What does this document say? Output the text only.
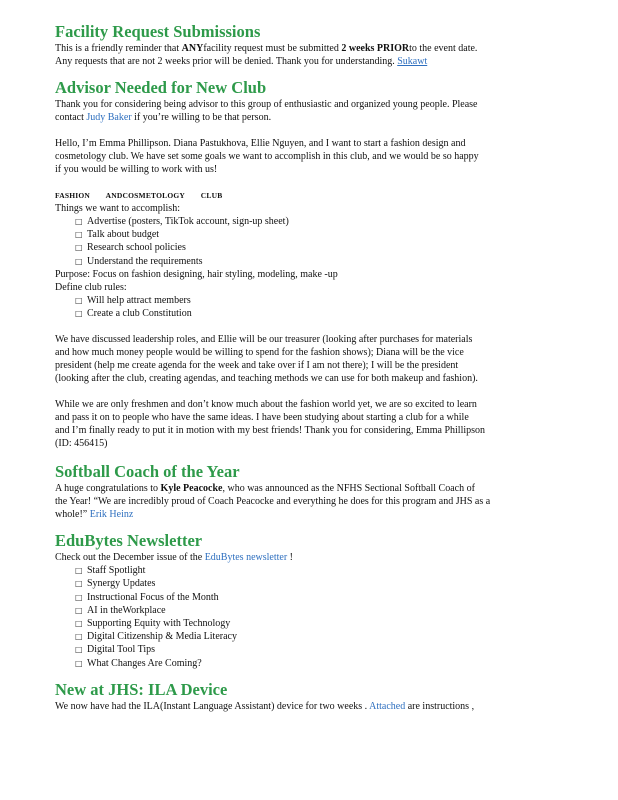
Facility Request Submissions

This is a friendly reminder that ANYfacility request must be submitted 2 weeks PRIORto the event date.

Any requests that are not 2 weeks prior will be denied. Thank you for understanding. Sukawt

Advisor Needed for New Club

Thank you for considering being advisor to this group of enthusiastic and organized young people. Please

contact Judy Baker if you’re willing to be that person.

Hello, I’m Emma Phillipson. Diana Pastukhova, Ellie Nguyen, and I want to start a fashion design and

cosmetology club. We have set some goals we want to accomplish in this club, and we would be so happy

if you would be willing to work with us!

FASHION ANDCOSMETOLOGY CLUB

Things we want to accomplish:

□ Advertise (posters, TikTok account, sign-up sheet)
□ Talk about budget
□ Research school policies
□ Understand the requirements

Purpose: Focus on fashion designing, hair styling, modeling, make -up

Define club rules:

□ Will help attract members
□ Create a club Constitution

We have discussed leadership roles, and Ellie will be our treasurer (looking after purchases for materials

and how much money people would be willing to spend for the fashion shows); Diana will be the vice

president (help me create agenda for the week and take over if I am not there); I will be the president

(looking after the club, creating agendas, and teaching methods we can use for both makeup and fashion).

While we are only freshmen and don’t know much about the fashion world yet, we are so excited to learn

and pass it on to people who have the same ideas. I have been studying about starting a club for a while

and I’m finally ready to put it in motion with my best friends! Thank you for considering, Emma Phillipson

(ID: 456415)

Softball Coach of the Year

A huge congratulations to Kyle Peacocke, who was announced as the NFHS Sectional Softball Coach of

the Year! “We are incredibly proud of Coach Peacocke and everything he does for this program and JHS as a

whole!” Erik Heinz

EduBytes Newsletter

Check out the December issue of the EduBytes newsletter !

□ Staff Spotlight
□ Synergy Updates
□ Instructional Focus of the Month
□ AI in theWorkplace
□ Supporting Equity with Technology
□ Digital Citizenship & Media Literacy
□ Digital Tool Tips
□ What Changes Are Coming?
New at JHS: ILA Device

We now have had the ILA(Instant Language Assistant) device for two weeks . Attached are instructions ,
